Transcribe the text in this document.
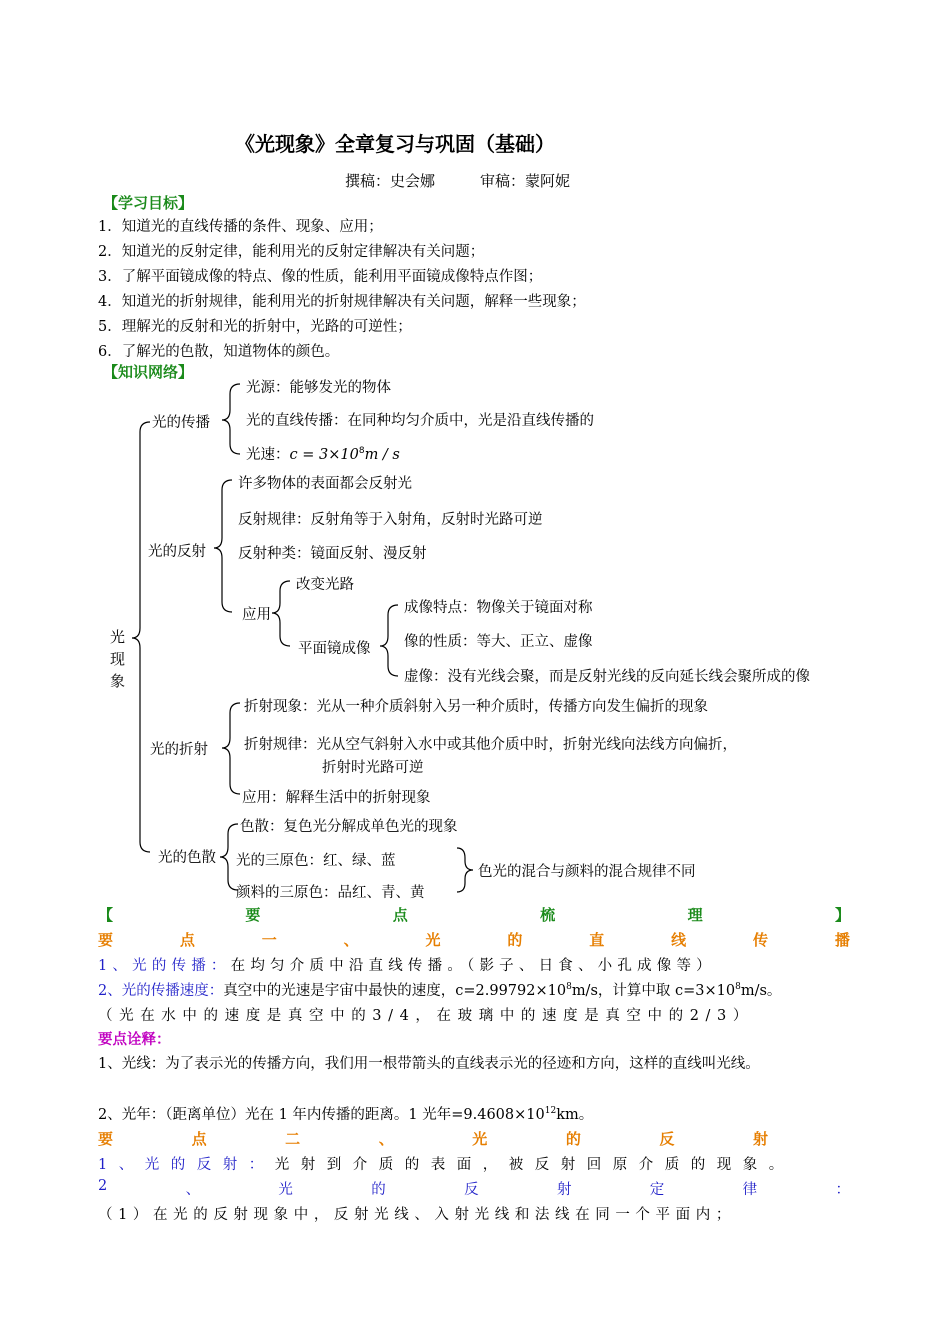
《光现象》全章复习与巩固（基础）
撰稿：史会娜　　　审稿：蒙阿妮
【学习目标】
1．知道光的直线传播的条件、现象、应用；
2．知道光的反射定律，能利用光的反射定律解决有关问题；
3．了解平面镜成像的特点、像的性质，能利用平面镜成像特点作图；
4．知道光的折射规律，能利用光的折射规律解决有关问题，解释一些现象；
5．理解光的反射和光的折射中，光路的可逆性；
6．了解光的色散，知道物体的颜色。
【知识网络】
光现象
光的传播
光源：能够发光的物体
光的直线传播：在同种均匀介质中，光是沿直线传播的
光速：$c = 3\times 10^8m / s$
光的反射
许多物体的表面都会反射光
反射规律：反射角等于入射角，反射时光路可逆
反射种类：镜面反射、漫反射
应用
改变光路
平面镜成像
成像特点：物像关于镜面对称
像的性质：等大、正立、虚像
虚像：没有光线会聚，而是反射光线的反向延长线会聚所成的像
光的折射
折射现象：光从一种介质斜射入另一种介质时，传播方向发生偏折的现象
折射规律：光从空气斜射入水中或其他介质中时，折射光线向法线方向偏折，
折射时光路可逆
应用：解释生活中的折射现象
光的色散
色散：复色光分解成单色光的现象
光的三原色：红、绿、蓝
颜料的三原色：品红、青、黄
色光的混合与颜料的混合规律不同
【	要	点	梳	理	】
要	点	一	、	光	的	直	线	传	播
1、光的传播：在均匀介质中沿直线传播。（影子、日食、小孔成像等）
2、光的传播速度：真空中的光速是宇宙中最快的速度，$c=2.99792\times 10^8m/s$，计算中取 $c=3\times 10^8m/s$。
（光在水中的速度是真空中的3/4，在玻璃中的速度是真空中的2/3）
要点诠释：
1、光线：为了表示光的传播方向，我们用一根带箭头的直线表示光的径迹和方向，这样的直线叫光线。
2、光年：（距离单位）光在 1 年内传播的距离。1 光年$=9.4608\times 10^{12}km$。
要	点	二	、	光	的	反	射
1、光的反射：光射到介质的表面，被反射回原介质的现象。
2	、	光	的	反	射	定	律	：
（1）在光的反射现象中，反射光线、入射光线和法线在同一个平面内；
